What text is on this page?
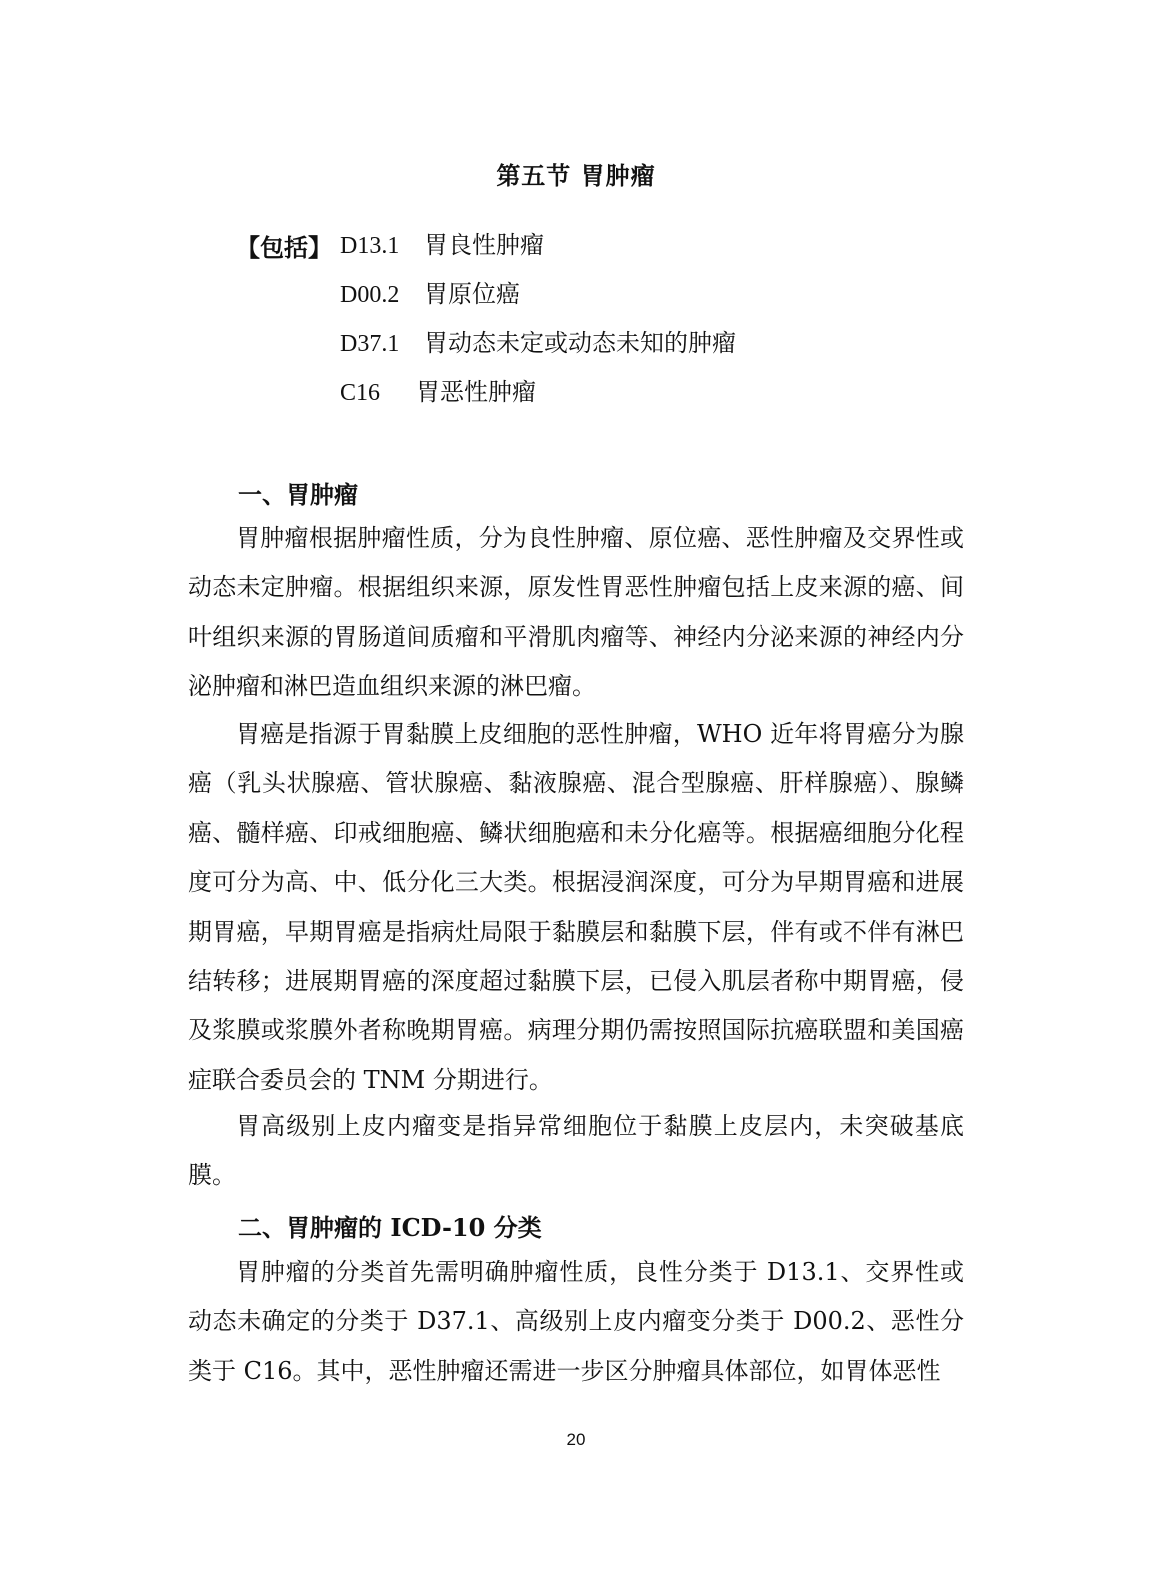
第五节 胃肿瘤
【包括】 D13.1 胃良性肿瘤
D00.2 胃原位癌
D37.1 胃动态未定或动态未知的肿瘤
C16 胃恶性肿瘤
一、胃肿瘤

胃肿瘤根据肿瘤性质，分为良性肿瘤、原位癌、恶性肿瘤及交界性或动态未定肿瘤。根据组织来源，原发性胃恶性肿瘤包括上皮来源的癌、间叶组织来源的胃肠道间质瘤和平滑肌肉瘤等、神经内分泌来源的神经内分泌肿瘤和淋巴造血组织来源的淋巴瘤。

胃癌是指源于胃黏膜上皮细胞的恶性肿瘤，WHO 近年将胃癌分为腺癌（乳头状腺癌、管状腺癌、黏液腺癌、混合型腺癌、肝样腺癌）、腺鳞癌、髓样癌、印戒细胞癌、鳞状细胞癌和未分化癌等。根据癌细胞分化程度可分为高、中、低分化三大类。根据浸润深度，可分为早期胃癌和进展期胃癌，早期胃癌是指病灶局限于黏膜层和黏膜下层，伴有或不伴有淋巴结转移；进展期胃癌的深度超过黏膜下层，已侵入肌层者称中期胃癌，侵及浆膜或浆膜外者称晚期胃癌。病理分期仍需按照国际抗癌联盟和美国癌症联合委员会的 TNM 分期进行。

胃高级别上皮内瘤变是指异常细胞位于黏膜上皮层内，未突破基底膜。

二、胃肿瘤的 ICD-10 分类

胃肿瘤的分类首先需明确肿瘤性质，良性分类于 D13.1、交界性或动态未确定的分类于 D37.1、高级别上皮内瘤变分类于 D00.2、恶性分类于 C16。其中，恶性肿瘤还需进一步区分肿瘤具体部位，如胃体恶性

20
